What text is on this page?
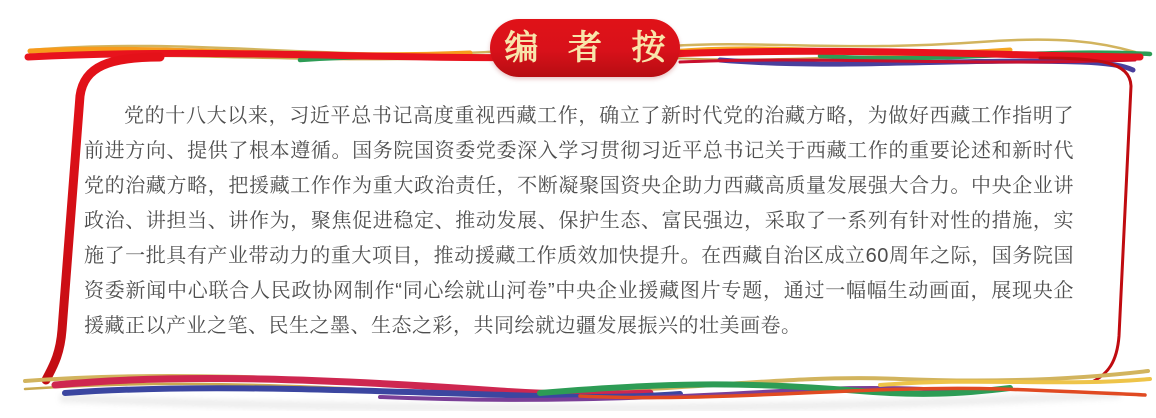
编 者 按
党的十八大以来，习近平总书记高度重视西藏工作，确立了新时代党的治藏方略，为做好西藏工作指明了前进方向、提供了根本遵循。国务院国资委党委深入学习贯彻习近平总书记关于西藏工作的重要论述和新时代党的治藏方略，把援藏工作作为重大政治责任，不断凝聚国资央企助力西藏高质量发展强大合力。中央企业讲政治、讲担当、讲作为，聚焦促进稳定、推动发展、保护生态、富民强边，采取了一系列有针对性的措施，实施了一批具有产业带动力的重大项目，推动援藏工作质效加快提升。在西藏自治区成立60周年之际，国务院国资委新闻中心联合人民政协网制作“同心绘就山河卷”中央企业援藏图片专题，通过一幅幅生动画面，展现央企援藏正以产业之笔、民生之墨、生态之彩，共同绘就边疆发展振兴的壮美画卷。
